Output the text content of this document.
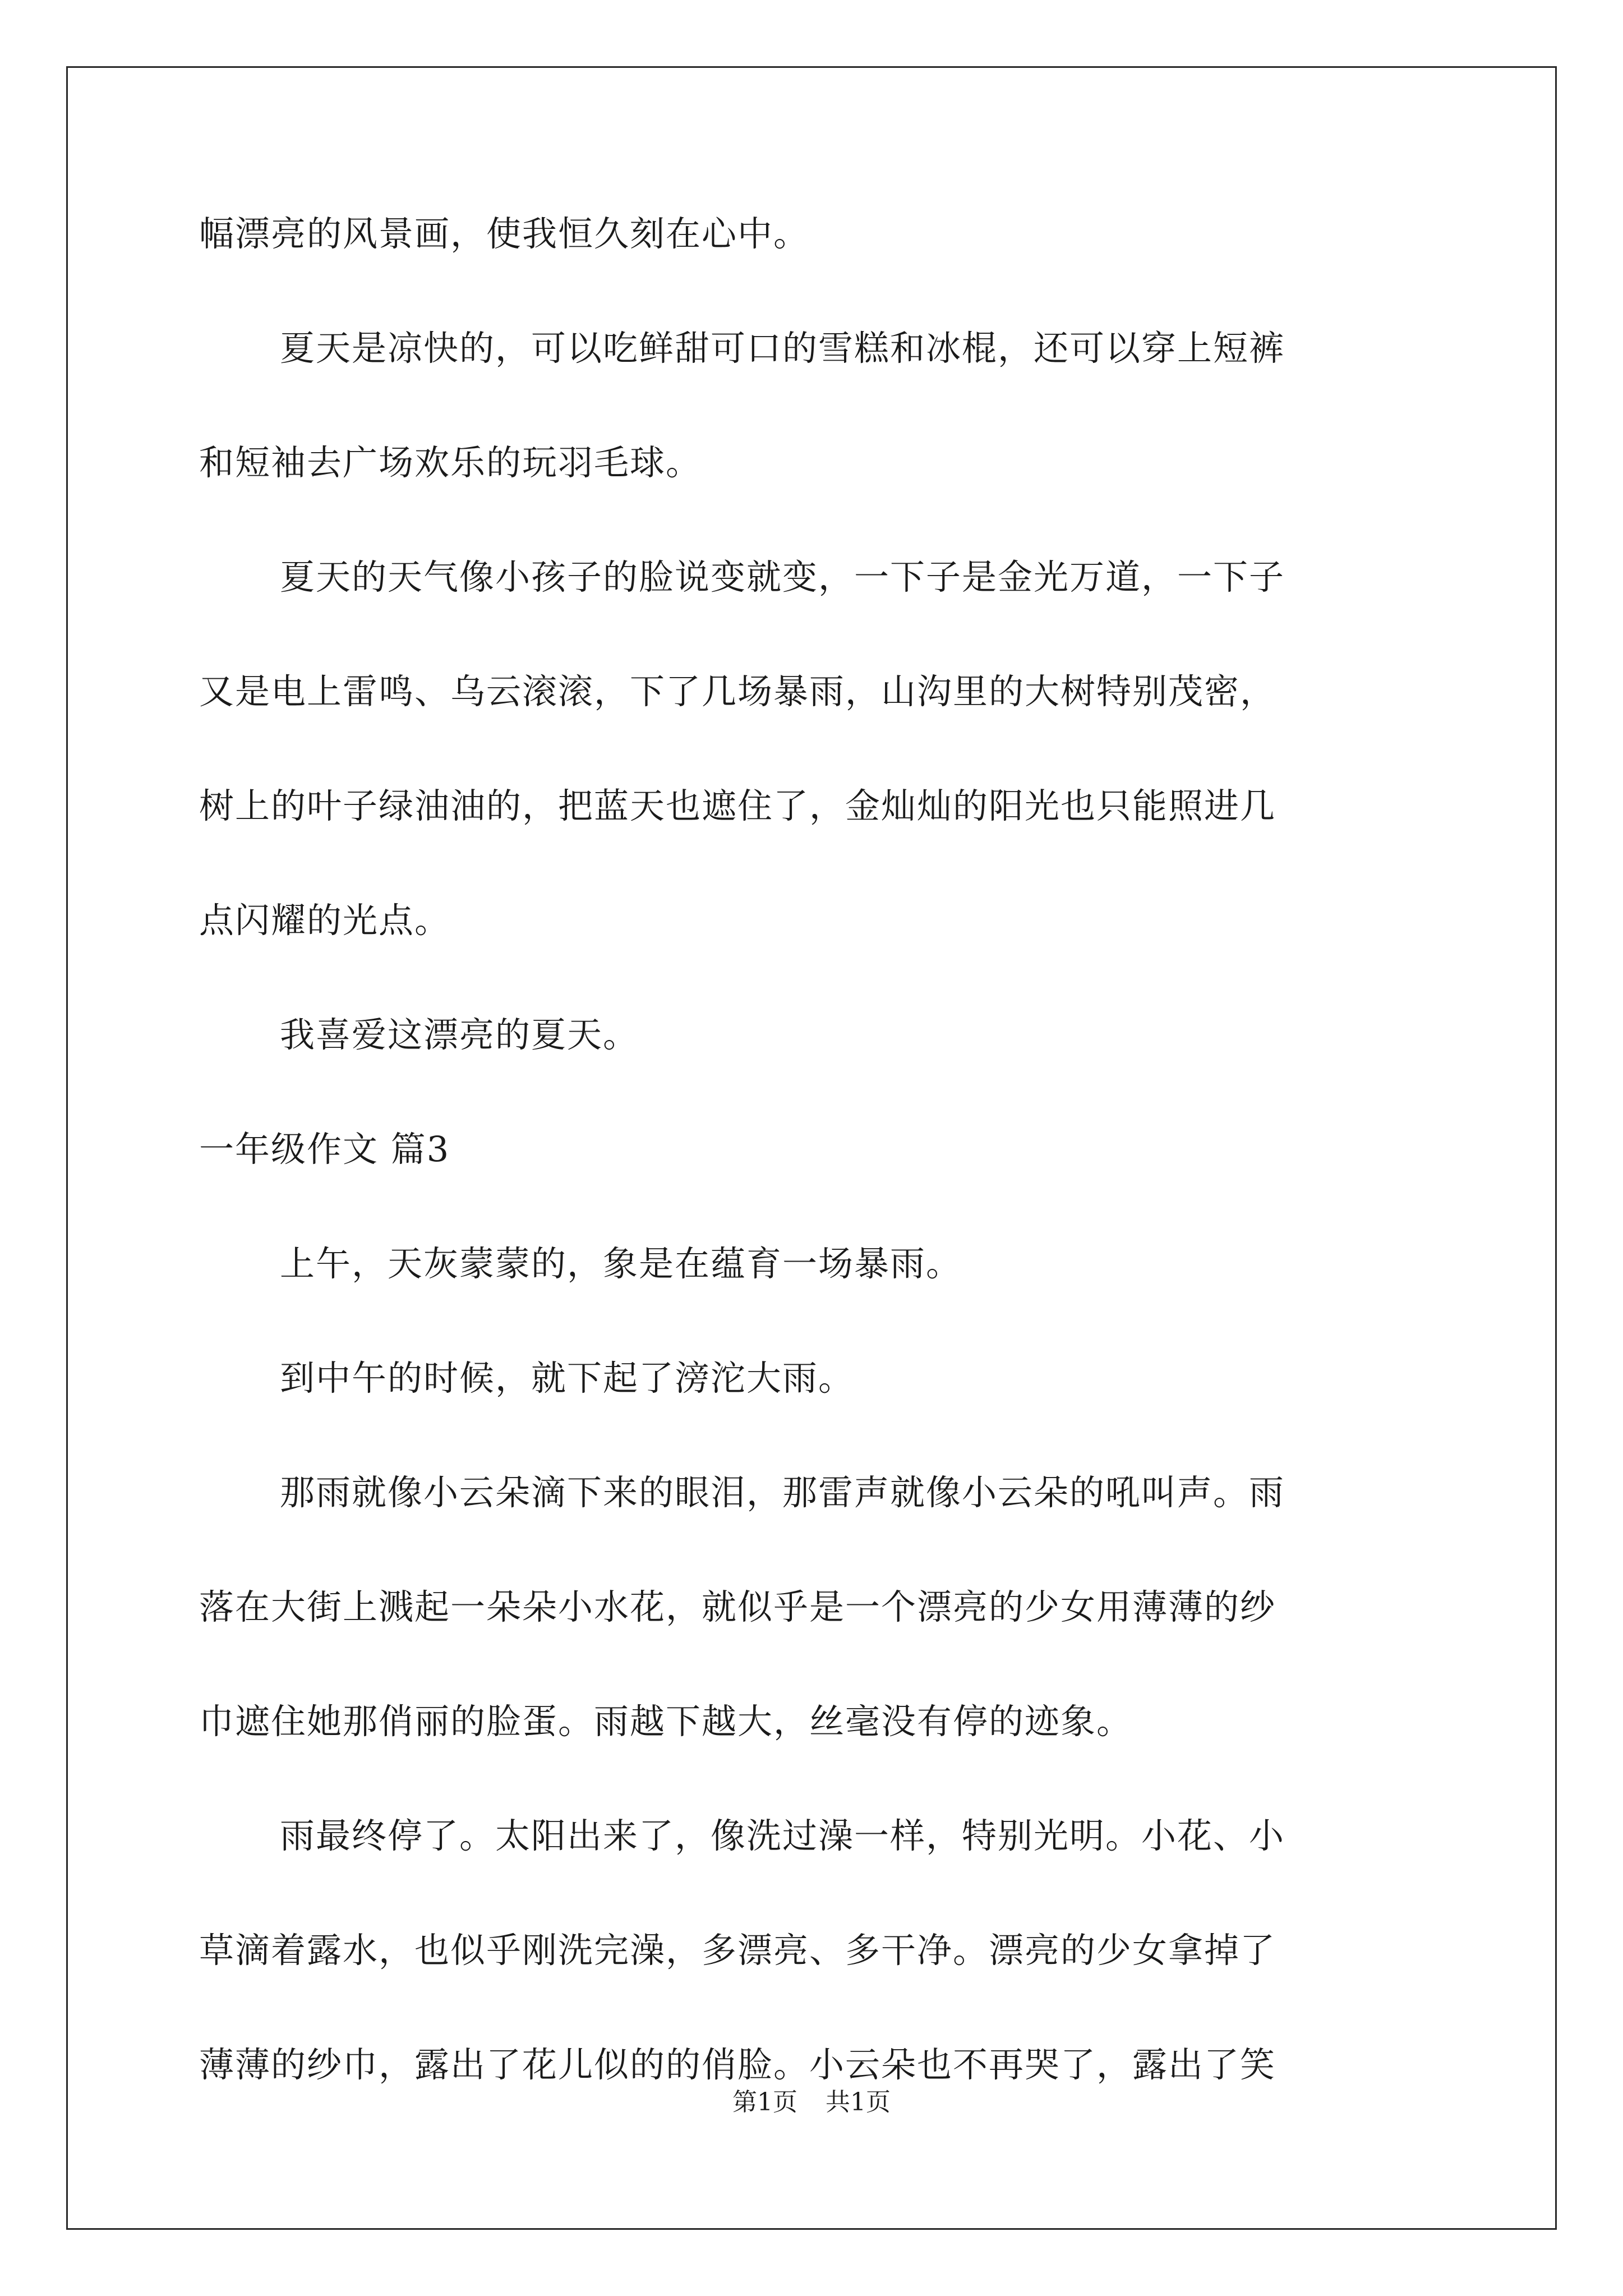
幅漂亮的风景画，使我恒久刻在心中。
夏天是凉快的，可以吃鲜甜可口的雪糕和冰棍，还可以穿上短裤
和短袖去广场欢乐的玩羽毛球。
夏天的天气像小孩子的脸说变就变，一下子是金光万道，一下子
又是电上雷鸣、乌云滚滚，下了几场暴雨，山沟里的大树特别茂密，
树上的叶子绿油油的，把蓝天也遮住了，金灿灿的阳光也只能照进几
点闪耀的光点。
我喜爱这漂亮的夏天。
一年级作文 篇3
上午，天灰蒙蒙的，象是在蕴育一场暴雨。
到中午的时候，就下起了滂沱大雨。
那雨就像小云朵滴下来的眼泪，那雷声就像小云朵的吼叫声。雨
落在大街上溅起一朵朵小水花，就似乎是一个漂亮的少女用薄薄的纱
巾遮住她那俏丽的脸蛋。雨越下越大，丝毫没有停的迹象。
雨最终停了。太阳出来了，像洗过澡一样，特别光明。小花、小
草滴着露水，也似乎刚洗完澡，多漂亮、多干净。漂亮的少女拿掉了
薄薄的纱巾，露出了花儿似的的俏脸。小云朵也不再哭了，露出了笑
第1页 共1页
